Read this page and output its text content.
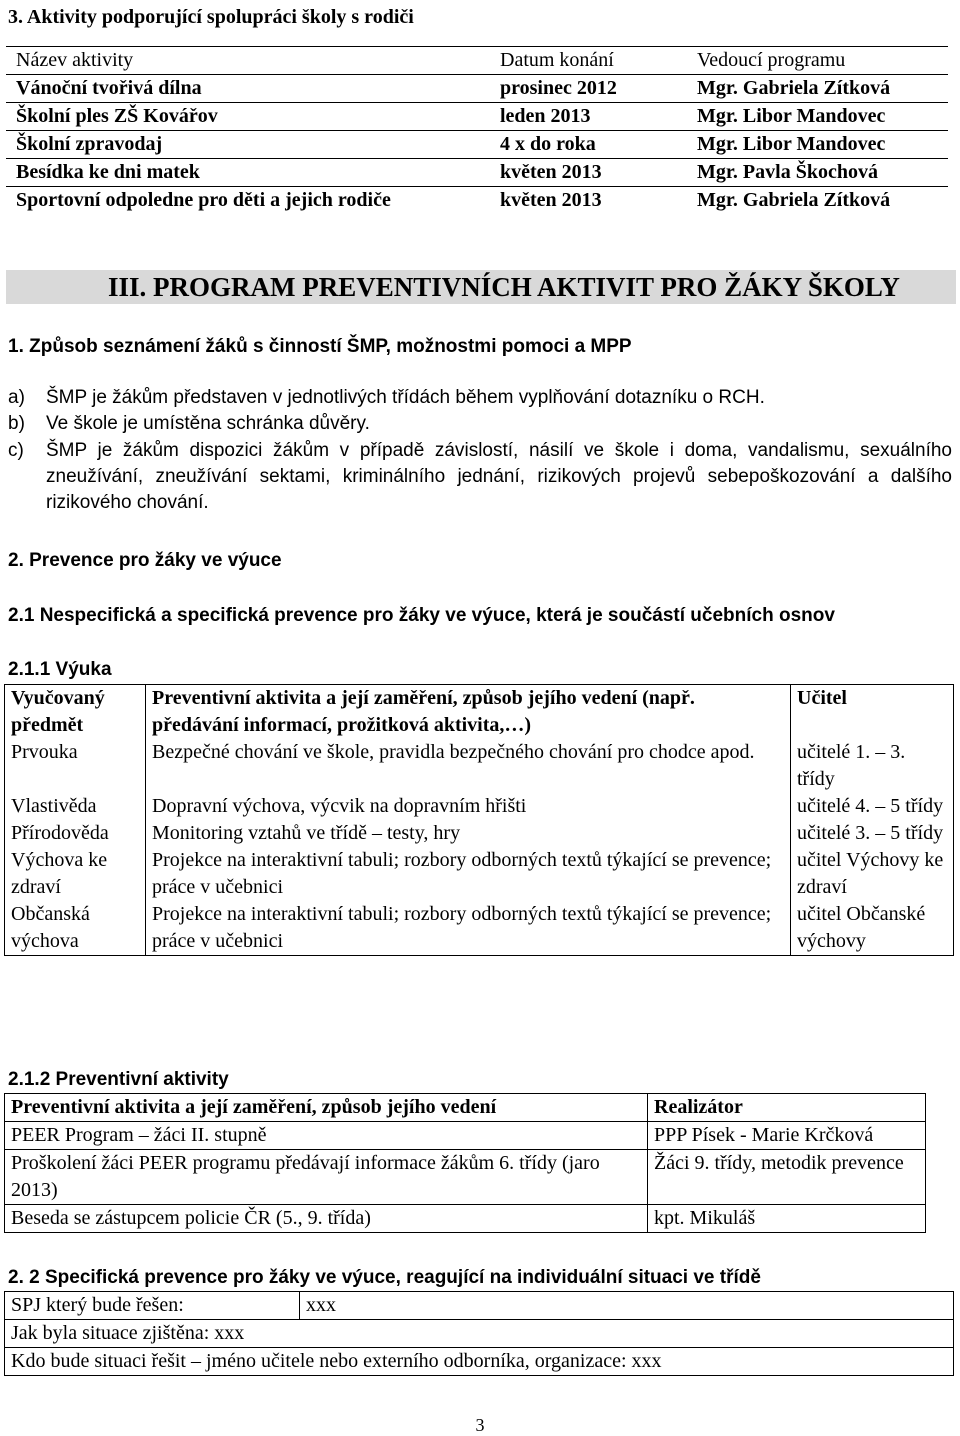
3. Aktivity podporující spolupráci školy s rodiči
Název aktivity	Datum konání	Vedoucí programu
Vánoční tvořivá dílna	prosinec 2012	Mgr. Gabriela Zítková
Školní ples ZŠ Kovářov	leden 2013	Mgr. Libor Mandovec
Školní zpravodaj	4 x do roka	Mgr. Libor Mandovec
Besídka ke dni matek	květen 2013	Mgr. Pavla Škochová
Sportovní odpoledne pro děti a jejich rodiče	květen 2013	Mgr. Gabriela Zítková
III. PROGRAM PREVENTIVNÍCH AKTIVIT PRO ŽÁKY ŠKOLY
1. Způsob seznámení žáků s činností ŠMP, možnostmi pomoci a MPP
a) ŠMP je žákům představen v jednotlivých třídách během vyplňování dotazníku o RCH.
b) Ve škole je umístěna schránka důvěry.
c) ŠMP je žákům dispozici žákům v případě závislostí, násilí ve škole i doma, vandalismu, sexuálního zneužívání, zneužívání sektami, kriminálního jednání, rizikových projevů sebepoškozování a dalšího rizikového chování.
2. Prevence pro žáky ve výuce
2.1 Nespecifická a specifická prevence pro žáky ve výuce, která je součástí učebních osnov
2.1.1 Výuka
Vyučovaný předmět	Preventivní aktivita a její zaměření, způsob jejího vedení (např. předávání informací, prožitková aktivita,…)	Učitel
Prvouka	Bezpečné chování ve škole, pravidla bezpečného chování pro chodce apod.	učitelé 1. – 3. třídy
Vlastivěda	Dopravní výchova, výcvik na dopravním hřišti	učitelé 4. – 5 třídy
Přírodověda	Monitoring vztahů ve třídě – testy, hry	učitelé 3. – 5 třídy
Výchova ke zdraví	Projekce na interaktivní tabuli; rozbory odborných textů týkající se prevence; práce v učebnici	učitel Výchovy ke zdraví
Občanská výchova	Projekce na interaktivní tabuli; rozbory odborných textů týkající se prevence; práce v učebnici	učitel Občanské výchovy
2.1.2 Preventivní aktivity
Preventivní aktivita a její zaměření, způsob jejího vedení	Realizátor
PEER Program – žáci II. stupně	PPP Písek - Marie Krčková
Proškolení žáci PEER programu předávají informace žákům 6. třídy (jaro 2013)	Žáci 9. třídy, metodik prevence
Beseda se zástupcem policie ČR (5., 9. třída)	kpt. Mikuláš
2. 2 Specifická prevence pro žáky ve výuce, reagující na individuální situaci ve třídě
SPJ který bude řešen:	xxx
Jak byla situace zjištěna: xxx
Kdo bude situaci řešit – jméno učitele nebo externího odborníka, organizace: xxx
3
